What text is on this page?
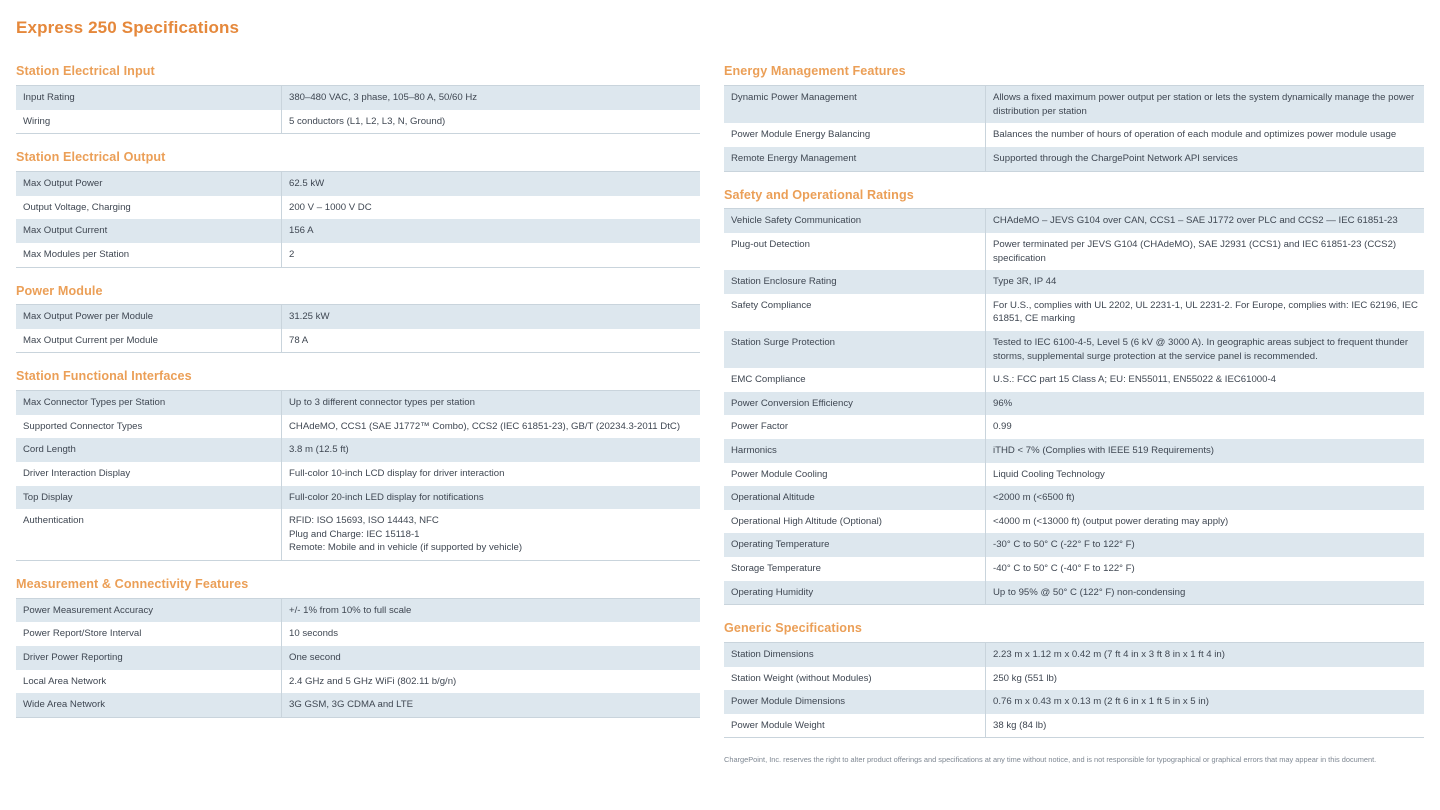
Express 250 Specifications
Station Electrical Input
Input Rating	380–480 VAC, 3 phase, 105–80 A, 50/60 Hz
Wiring	5 conductors (L1, L2, L3, N, Ground)
Station Electrical Output
Max Output Power	62.5 kW
Output Voltage, Charging	200 V – 1000 V DC
Max Output Current	156 A
Max Modules per Station	2
Power Module
Max Output Power per Module	31.25 kW
Max Output Current per Module	78 A
Station Functional Interfaces
Max Connector Types per Station	Up to 3 different connector types per station
Supported Connector Types	CHAdeMO, CCS1 (SAE J1772™ Combo), CCS2 (IEC 61851-23), GB/T (20234.3-2011 DtC)
Cord Length	3.8 m (12.5 ft)
Driver Interaction Display	Full-color 10-inch LCD display for driver interaction
Top Display	Full-color 20-inch LED display for notifications
Authentication	RFID: ISO 15693, ISO 14443, NFC
Plug and Charge: IEC 15118-1
Remote: Mobile and in vehicle (if supported by vehicle)
Measurement & Connectivity Features
Power Measurement Accuracy	+/- 1% from 10% to full scale
Power Report/Store Interval	10 seconds
Driver Power Reporting	One second
Local Area Network	2.4 GHz and 5 GHz WiFi (802.11 b/g/n)
Wide Area Network	3G GSM, 3G CDMA and LTE
Energy Management Features
Dynamic Power Management	Allows a fixed maximum power output per station or lets the system dynamically manage the power distribution per station
Power Module Energy Balancing	Balances the number of hours of operation of each module and optimizes power module usage
Remote Energy Management	Supported through the ChargePoint Network API services
Safety and Operational Ratings
Vehicle Safety Communication	CHAdeMO – JEVS G104 over CAN, CCS1 – SAE J1772 over PLC and CCS2 — IEC 61851-23
Plug-out Detection	Power terminated per JEVS G104 (CHAdeMO), SAE J2931 (CCS1) and IEC 61851-23 (CCS2) specification
Station Enclosure Rating	Type 3R, IP 44
Safety Compliance	For U.S., complies with UL 2202, UL 2231-1, UL 2231-2. For Europe, complies with: IEC 62196, IEC 61851, CE marking
Station Surge Protection	Tested to IEC 6100-4-5, Level 5 (6 kV @ 3000 A). In geographic areas subject to frequent thunder storms, supplemental surge protection at the service panel is recommended.
EMC Compliance	U.S.: FCC part 15 Class A; EU: EN55011, EN55022 & IEC61000-4
Power Conversion Efficiency	96%
Power Factor	0.99
Harmonics	iTHD < 7% (Complies with IEEE 519 Requirements)
Power Module Cooling	Liquid Cooling Technology
Operational Altitude	<2000 m (<6500 ft)
Operational High Altitude (Optional)	<4000 m (<13000 ft) (output power derating may apply)
Operating Temperature	-30° C to 50° C (-22° F to 122° F)
Storage Temperature	-40° C to 50° C (-40° F to 122° F)
Operating Humidity	Up to 95% @ 50° C (122° F) non-condensing
Generic Specifications
Station Dimensions	2.23 m x 1.12 m x 0.42 m (7 ft 4 in x 3 ft 8 in x 1 ft 4 in)
Station Weight (without Modules)	250 kg (551 lb)
Power Module Dimensions	0.76 m x 0.43 m x 0.13 m (2 ft 6 in x 1 ft 5 in x 5 in)
Power Module Weight	38 kg (84 lb)
ChargePoint, Inc. reserves the right to alter product offerings and specifications at any time without notice, and is not responsible for typographical or graphical errors that may appear in this document.
